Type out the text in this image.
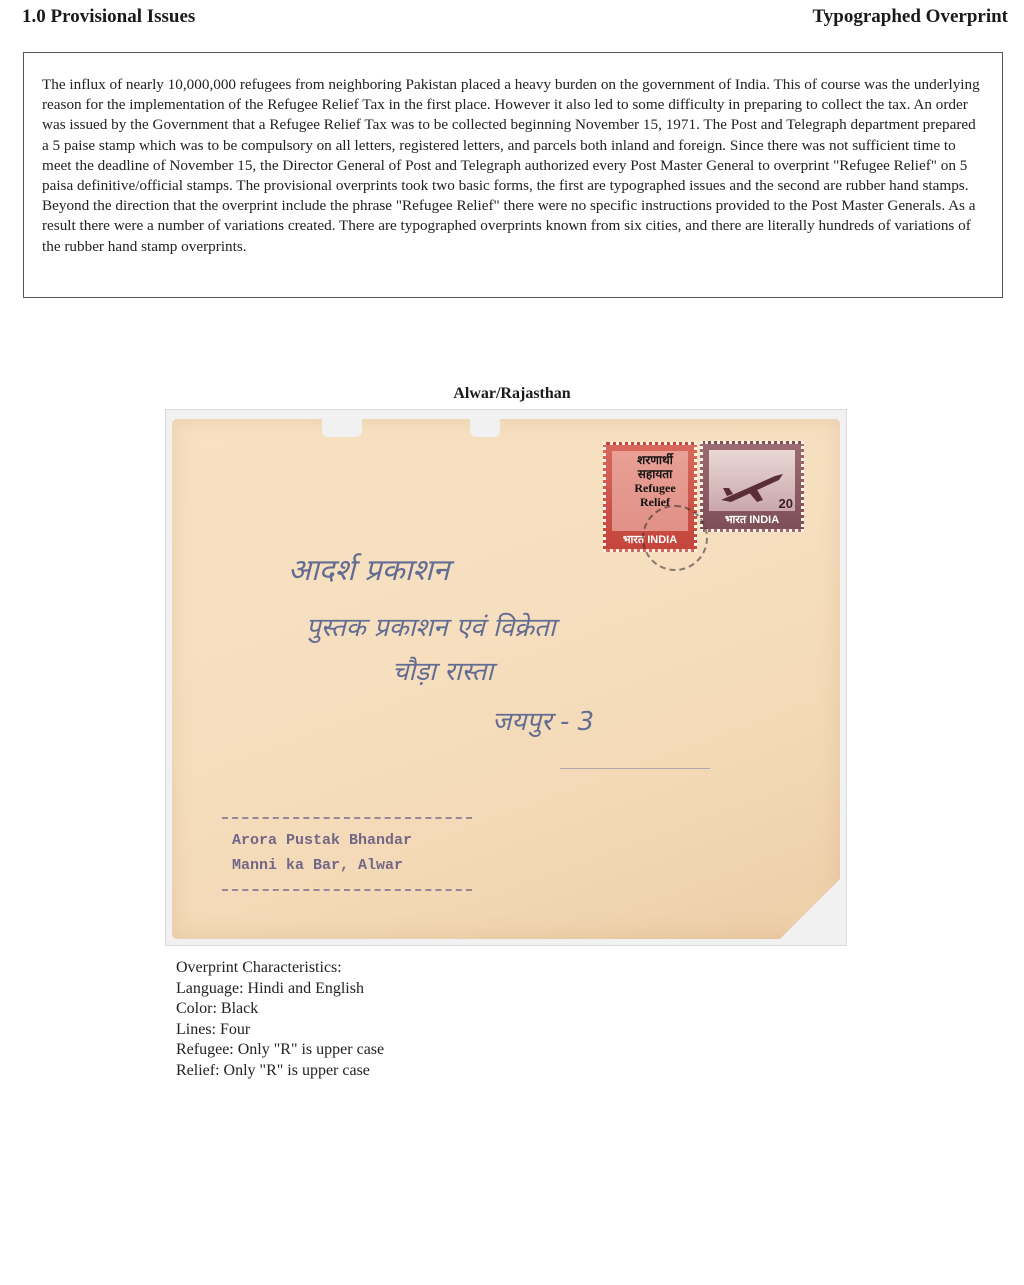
1.0 Provisional Issues	Typographed Overprint
The influx of nearly 10,000,000 refugees from neighboring Pakistan placed a heavy burden on the government of India. This of course was the underlying reason for the implementation of the Refugee Relief Tax in the first place. However it also led to some difficulty in preparing to collect the tax. An order was issued by the Government that a Refugee Relief Tax was to be collected beginning November 15, 1971. The Post and Telegraph department prepared a 5 paise stamp which was to be compulsory on all letters, registered letters, and parcels both inland and foreign. Since there was not sufficient time to meet the deadline of November 15, the Director General of Post and Telegraph authorized every Post Master General to overprint "Refugee Relief" on 5 paisa definitive/official stamps. The provisional overprints took two basic forms, the first are typographed issues and the second are rubber hand stamps. Beyond the direction that the overprint include the phrase "Refugee Relief" there were no specific instructions provided to the Post Master Generals. As a result there were a number of variations created. There are typographed overprints known from six cities, and there are literally hundreds of variations of the rubber hand stamp overprints.
Alwar/Rajasthan
शरणार्थी
सहायता
Refugee
Relief
भारत INDIA
20
भारत INDIA
आदर्श प्रकाशन
पुस्तक प्रकाशन एवं विक्रेता
चौड़ा रास्ता
जयपुर - 3
Arora Pustak Bhandar
Manni ka Bar, Alwar
Overprint Characteristics:
Language: Hindi and English
Color: Black
Lines: Four
Refugee: Only "R" is upper case
Relief: Only "R" is upper case
